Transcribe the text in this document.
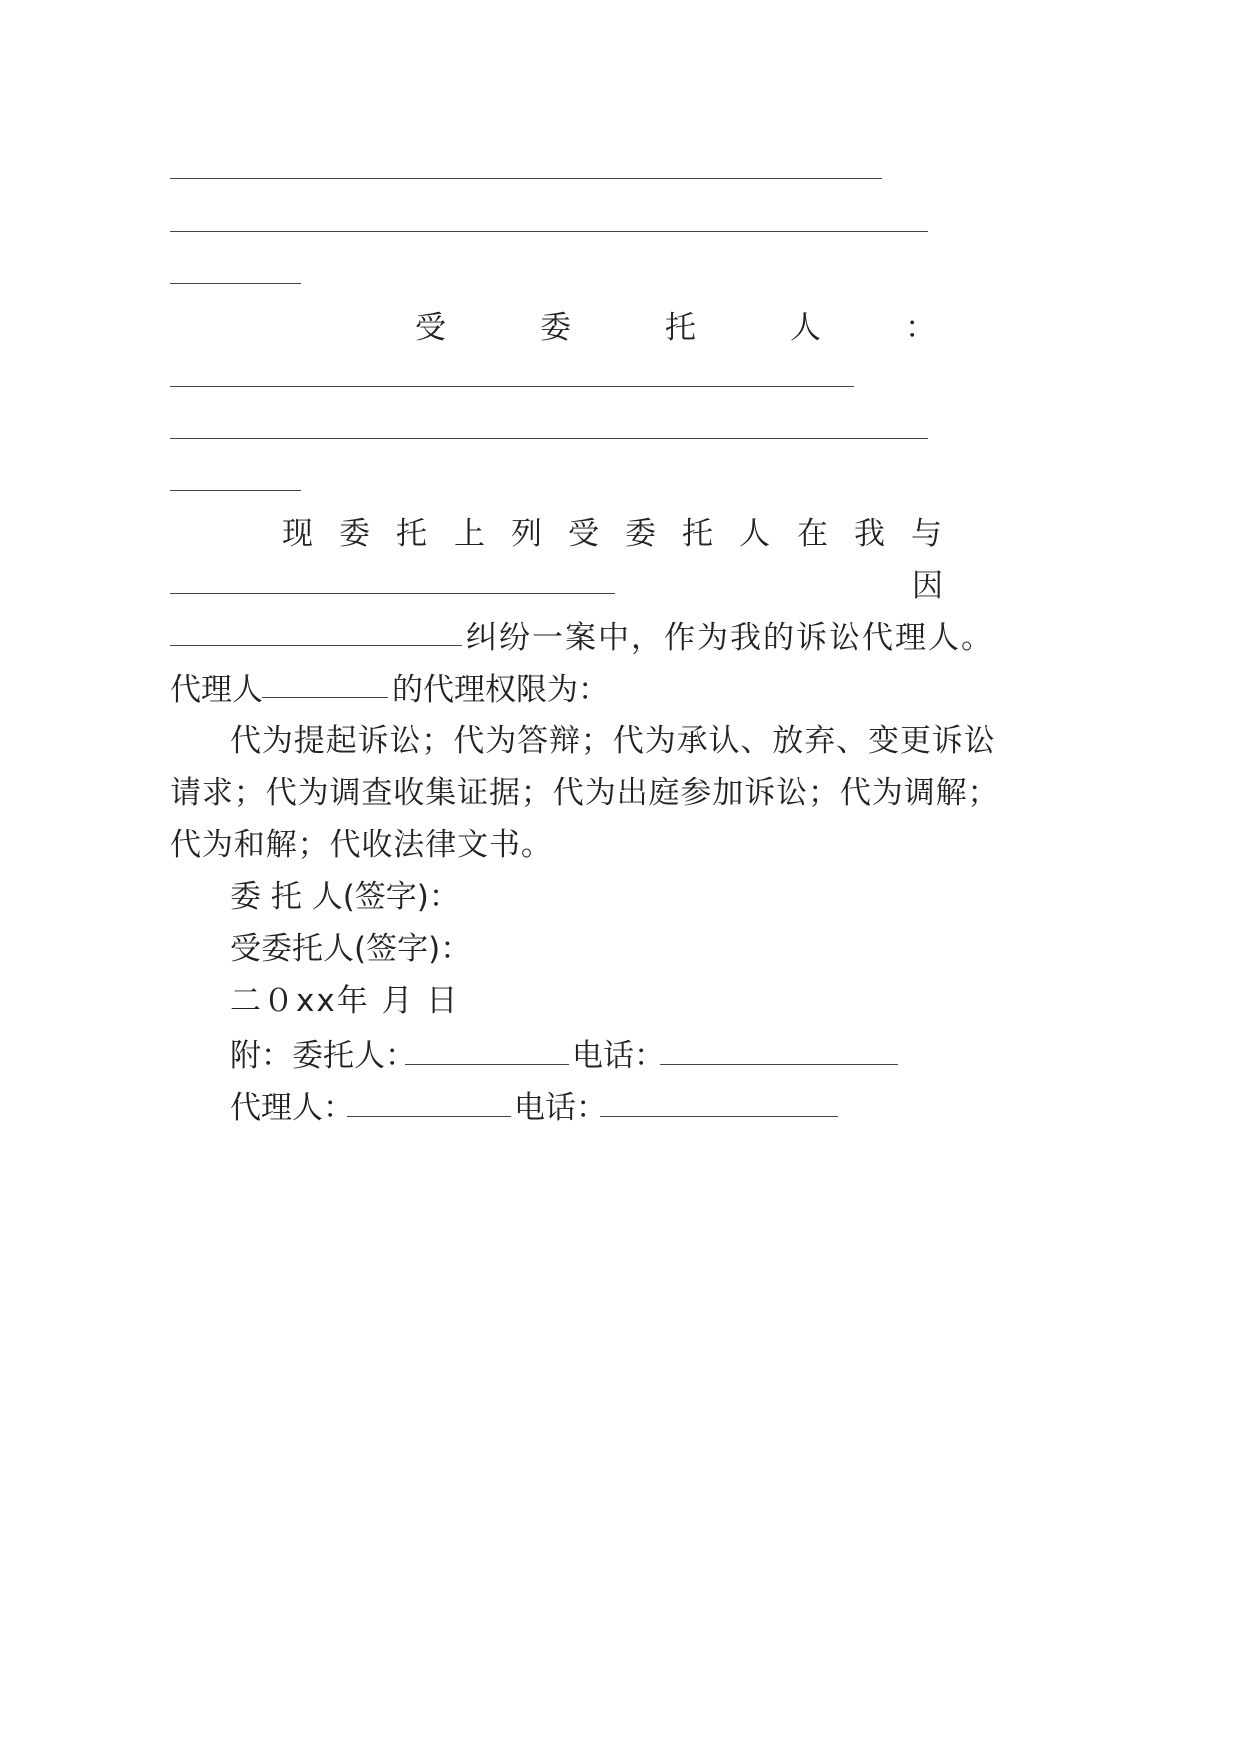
受	委	托	人	：
现 委 托 上 列 受 委 托 人 在 我 与
因
纠纷一案中，作为我的诉讼代理人。
代理人	的代理权限为：
代为提起诉讼；代为答辩；代为承认、放弃、变更诉讼
请求；代为调查收集证据；代为出庭参加诉讼；代为调解；
代为和解；代收法律文书。
委 托 人(签字)：
受委托人(签字)：
二０xx年 月 日
附：委托人：	电话：
代理人：	电话：
